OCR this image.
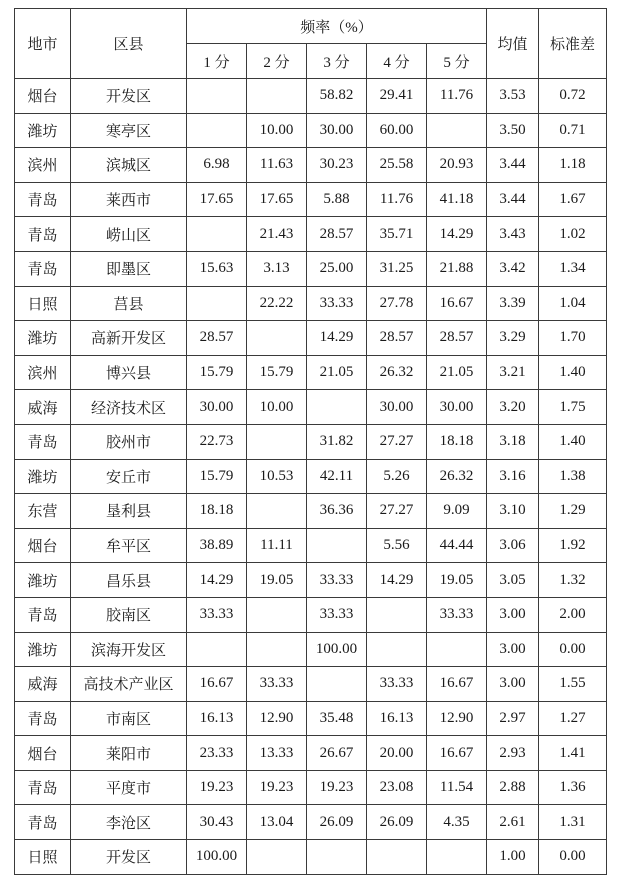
地市	区县	频率（%）					均值	标准差
		1 分	2 分	3 分	4 分	5 分		
烟台	开发区			58.82	29.41	11.76	3.53	0.72
潍坊	寒亭区		10.00	30.00	60.00		3.50	0.71
滨州	滨城区	6.98	11.63	30.23	25.58	20.93	3.44	1.18
青岛	莱西市	17.65	17.65	5.88	11.76	41.18	3.44	1.67
青岛	崂山区		21.43	28.57	35.71	14.29	3.43	1.02
青岛	即墨区	15.63	3.13	25.00	31.25	21.88	3.42	1.34
日照	莒县		22.22	33.33	27.78	16.67	3.39	1.04
潍坊	高新开发区	28.57		14.29	28.57	28.57	3.29	1.70
滨州	博兴县	15.79	15.79	21.05	26.32	21.05	3.21	1.40
威海	经济技术区	30.00	10.00		30.00	30.00	3.20	1.75
青岛	胶州市	22.73		31.82	27.27	18.18	3.18	1.40
潍坊	安丘市	15.79	10.53	42.11	5.26	26.32	3.16	1.38
东营	垦利县	18.18		36.36	27.27	9.09	3.10	1.29
烟台	牟平区	38.89	11.11		5.56	44.44	3.06	1.92
潍坊	昌乐县	14.29	19.05	33.33	14.29	19.05	3.05	1.32
青岛	胶南区	33.33		33.33		33.33	3.00	2.00
潍坊	滨海开发区			100.00			3.00	0.00
威海	高技术产业区	16.67	33.33		33.33	16.67	3.00	1.55
青岛	市南区	16.13	12.90	35.48	16.13	12.90	2.97	1.27
烟台	莱阳市	23.33	13.33	26.67	20.00	16.67	2.93	1.41
青岛	平度市	19.23	19.23	19.23	23.08	11.54	2.88	1.36
青岛	李沧区	30.43	13.04	26.09	26.09	4.35	2.61	1.31
日照	开发区	100.00					1.00	0.00
